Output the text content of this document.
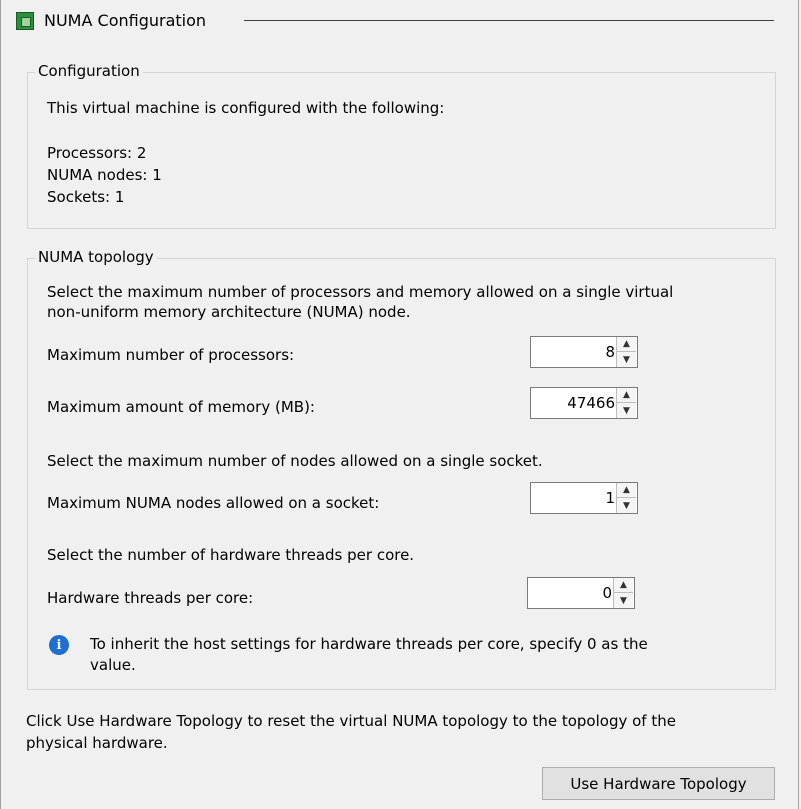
NUMA Configuration
Configuration
This virtual machine is configured with the following:
Processors: 2
NUMA nodes: 1
Sockets: 1
NUMA topology
Select the maximum number of processors and memory allowed on a single virtual
non-uniform memory architecture (NUMA) node.
Maximum number of processors:	8 ▲
▼
Maximum amount of memory (MB):	47466 ▲
▼
Select the maximum number of nodes allowed on a single socket.
Maximum NUMA nodes allowed on a socket:	1 ▲
▼
Select the number of hardware threads per core.
Hardware threads per core:	0 ▲
▼
i	To inherit the host settings for hardware threads per core, specify 0 as the
value.
Click Use Hardware Topology to reset the virtual NUMA topology to the topology of the
physical hardware.
Use Hardware Topology
